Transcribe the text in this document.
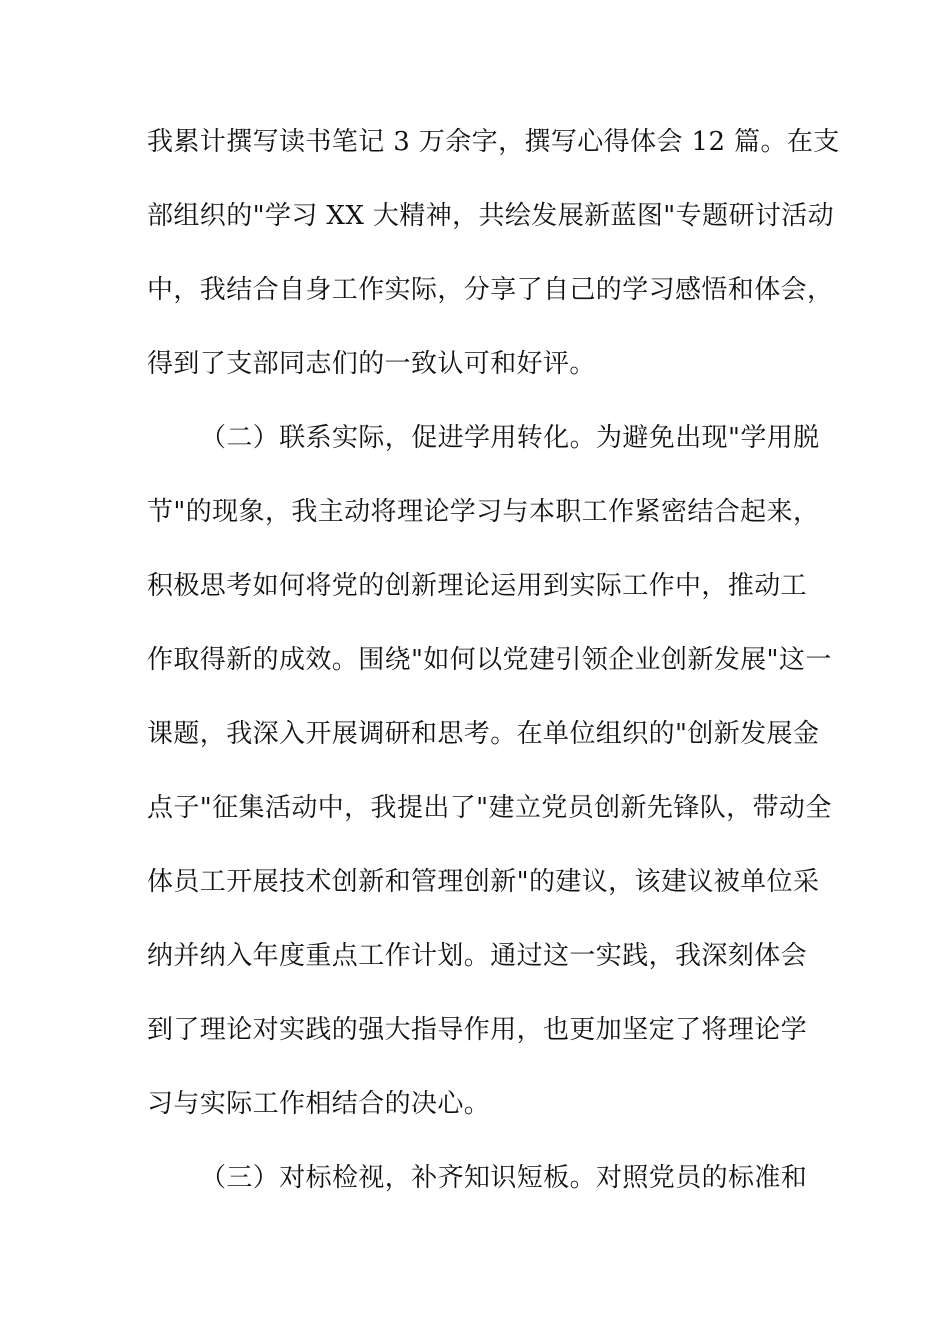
我累计撰写读书笔记 3 万余字，撰写心得体会 12 篇。在支
部组织的"学习 XX 大精神，共绘发展新蓝图"专题研讨活动
中，我结合自身工作实际，分享了自己的学习感悟和体会，
得到了支部同志们的一致认可和好评。
（二）联系实际，促进学用转化。为避免出现"学用脱
节"的现象，我主动将理论学习与本职工作紧密结合起来，
积极思考如何将党的创新理论运用到实际工作中，推动工
作取得新的成效。围绕"如何以党建引领企业创新发展"这一
课题，我深入开展调研和思考。在单位组织的"创新发展金
点子"征集活动中，我提出了"建立党员创新先锋队，带动全
体员工开展技术创新和管理创新"的建议，该建议被单位采
纳并纳入年度重点工作计划。通过这一实践，我深刻体会
到了理论对实践的强大指导作用，也更加坚定了将理论学
习与实际工作相结合的决心。
（三）对标检视，补齐知识短板。对照党员的标准和
